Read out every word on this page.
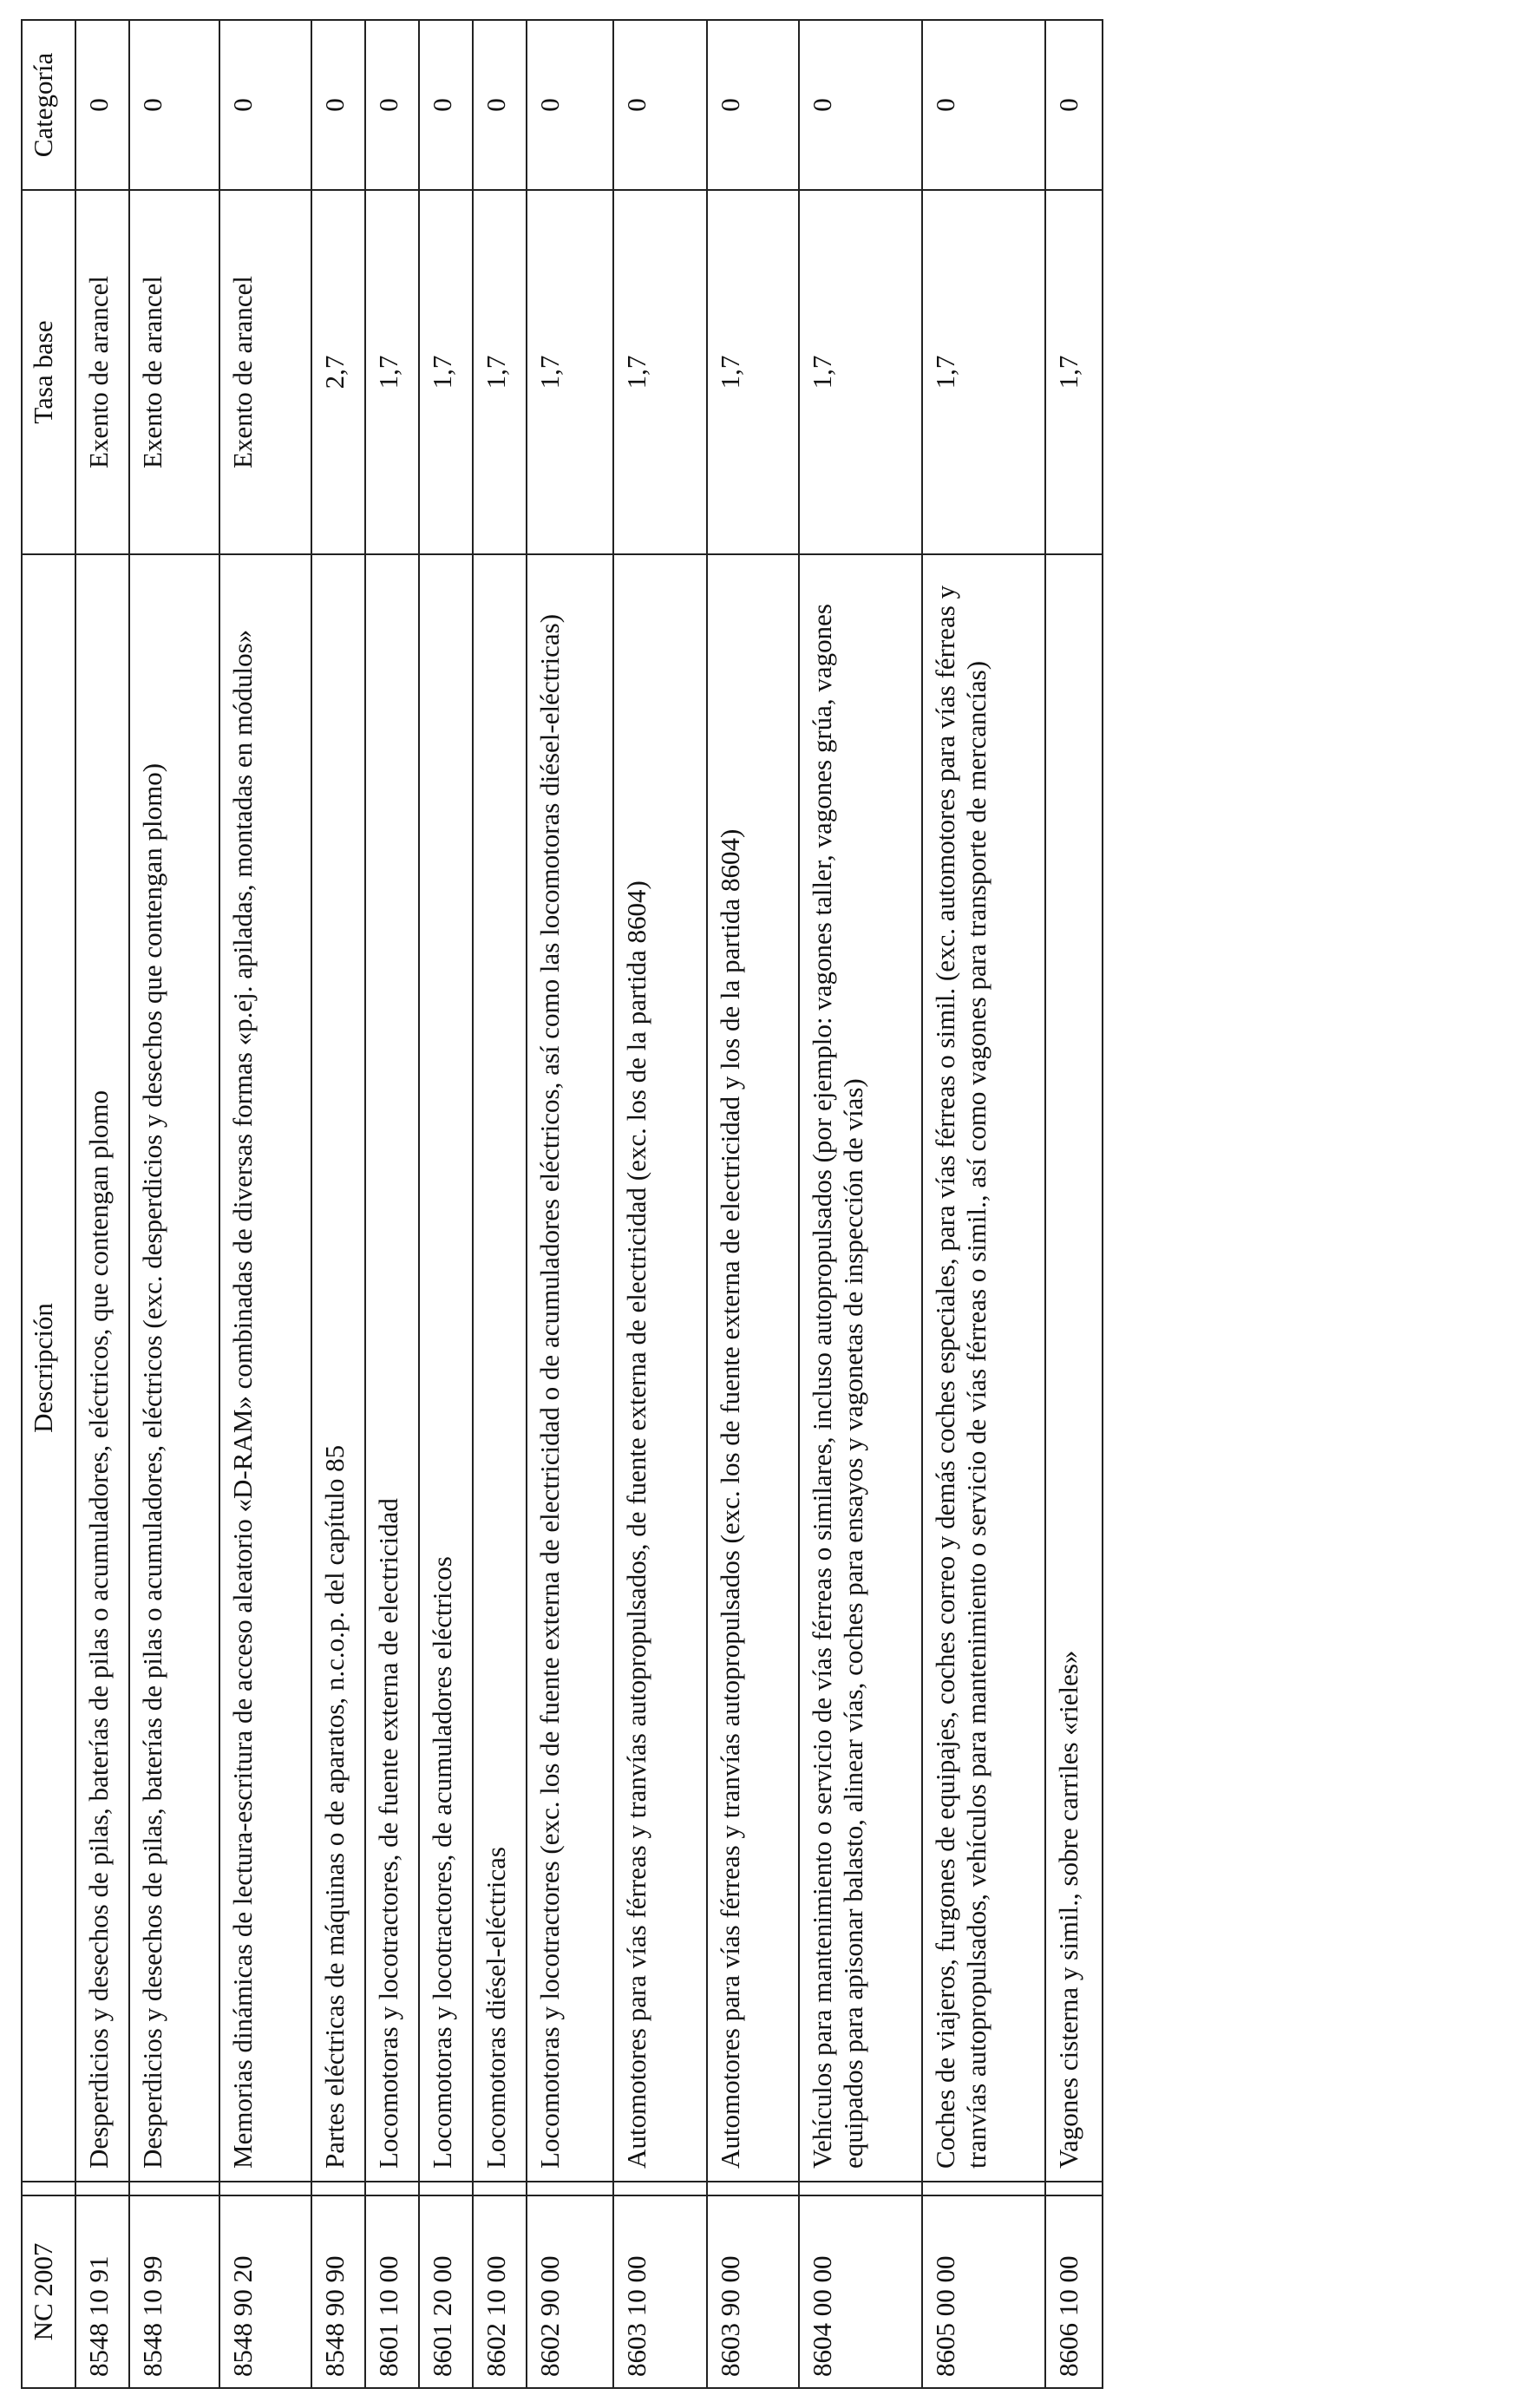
NC 2007		Descripción	Tasa base	Categoría
8548 10 91		Desperdicios y desechos de pilas, baterías de pilas o acumuladores, eléctricos, que contengan plomo	Exento de arancel	0
8548 10 99		Desperdicios y desechos de pilas, baterías de pilas o acumuladores, eléctricos (exc. desperdicios y desechos que contengan plomo)	Exento de arancel	0
8548 90 20		Memorias dinámicas de lectura-escritura de acceso aleatorio «D-RAM» combinadas de diversas formas «p.ej. apiladas, montadas en módulos»	Exento de arancel	0
8548 90 90		Partes eléctricas de máquinas o de aparatos, n.c.o.p. del capítulo 85	2,7	0
8601 10 00		Locomotoras y locotractores, de fuente externa de electricidad	1,7	0
8601 20 00		Locomotoras y locotractores, de acumuladores eléctricos	1,7	0
8602 10 00		Locomotoras diésel-eléctricas	1,7	0
8602 90 00		Locomotoras y locotractores (exc. los de fuente externa de electricidad o de acumuladores eléctricos, así como las locomotoras diésel-eléctricas)	1,7	0
8603 10 00		Automotores para vías férreas y tranvías autopropulsados, de fuente externa de electricidad (exc. los de la partida 8604)	1,7	0
8603 90 00		Automotores para vías férreas y tranvías autopropulsados (exc. los de fuente externa de electricidad y los de la partida 8604)	1,7	0
8604 00 00		Vehículos para mantenimiento o servicio de vías férreas o similares, incluso autopropulsados (por ejemplo: vagones taller, vagones grúa, vagones equipados para apisonar balasto, alinear vías, coches para ensayos y vagonetas de inspección de vías)	1,7	0
8605 00 00		Coches de viajeros, furgones de equipajes, coches correo y demás coches especiales, para vías férreas o simil. (exc. automotores para vías férreas y tranvías autopropulsados, vehículos para mantenimiento o servicio de vías férreas o simil., así como vagones para transporte de mercancías)	1,7	0
8606 10 00		Vagones cisterna y simil., sobre carriles «rieles»	1,7	0
